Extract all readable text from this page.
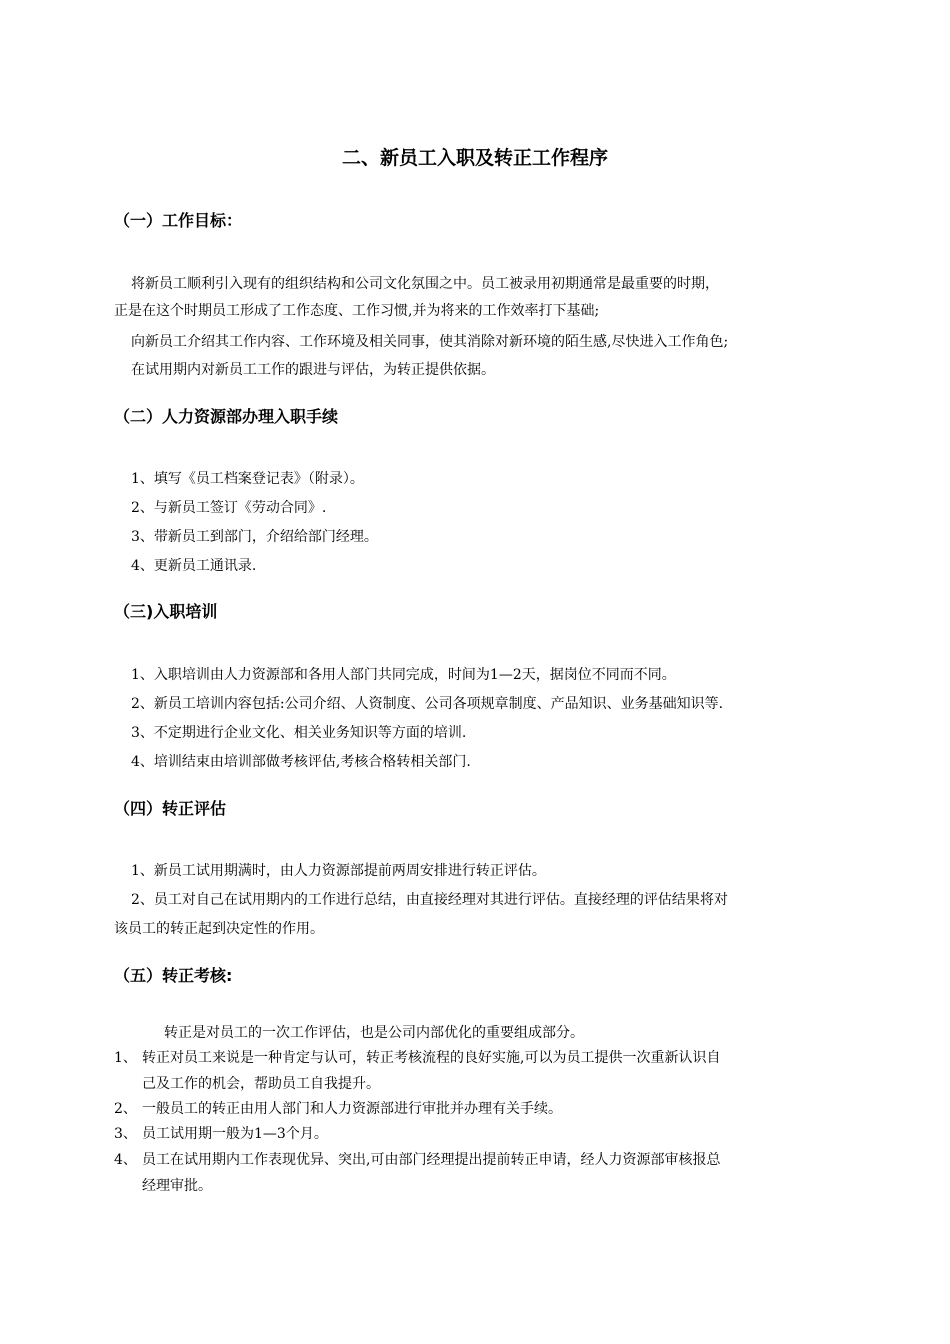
二、新员工入职及转正工作程序
（一）工作目标：

将新员工顺利引入现有的组织结构和公司文化氛围之中。员工被录用初期通常是最重要的时期，

正是在这个时期员工形成了工作态度、工作习惯,并为将来的工作效率打下基础;

向新员工介绍其工作内容、工作环境及相关同事，使其消除对新环境的陌生感,尽快进入工作角色;

在试用期内对新员工工作的跟进与评估，为转正提供依据。

（二）人力资源部办理入职手续

1、填写《员工档案登记表》（附录）。

2、与新员工签订《劳动合同》.

3、带新员工到部门，介绍给部门经理。

4、更新员工通讯录.

（三)入职培训

1、入职培训由人力资源部和各用人部门共同完成，时间为1—2天，据岗位不同而不同。

2、新员工培训内容包括:公司介绍、人资制度、公司各项规章制度、产品知识、业务基础知识等.

3、不定期进行企业文化、相关业务知识等方面的培训.

4、培训结束由培训部做考核评估,考核合格转相关部门.

（四）转正评估

1、新员工试用期满时，由人力资源部提前两周安排进行转正评估。

2、员工对自己在试用期内的工作进行总结，由直接经理对其进行评估。直接经理的评估结果将对

该员工的转正起到决定性的作用。

（五）转正考核:

转正是对员工的一次工作评估，也是公司内部优化的重要组成部分。

1、 转正对员工来说是一种肯定与认可，转正考核流程的良好实施,可以为员工提供一次重新认识自
己及工作的机会，帮助员工自我提升。
2、 一般员工的转正由用人部门和人力资源部进行审批并办理有关手续。
3、 员工试用期一般为1—3个月。
4、 员工在试用期内工作表现优异、突出,可由部门经理提出提前转正申请，经人力资源部审核报总
经理审批。
